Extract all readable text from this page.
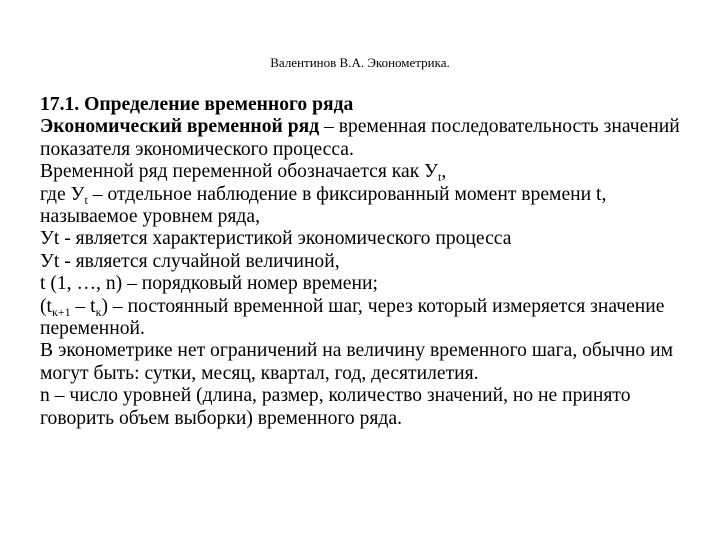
Валентинов В.А. Эконометрика.

17.1. Определение временного ряда

Экономический временной ряд – временная последовательность значений показателя экономического процесса.

Временной ряд переменной обозначается как $У_t$,

где $У_t$ – отдельное наблюдение в фиксированный момент времени t, называемое уровнем ряда,

Уt - является характеристикой экономического процесса

Уt - является случайной величиной,

t (1, …, n) – порядковый номер времени;

$(t_{к+1} - t_к)$ – постоянный временной шаг, через который измеряется значение переменной.

В эконометрике нет ограничений на величину временного шага, обычно им могут быть: сутки, месяц, квартал, год, десятилетия.

n – число уровней (длина, размер, количество значений, но не принято говорить объем выборки) временного ряда.
